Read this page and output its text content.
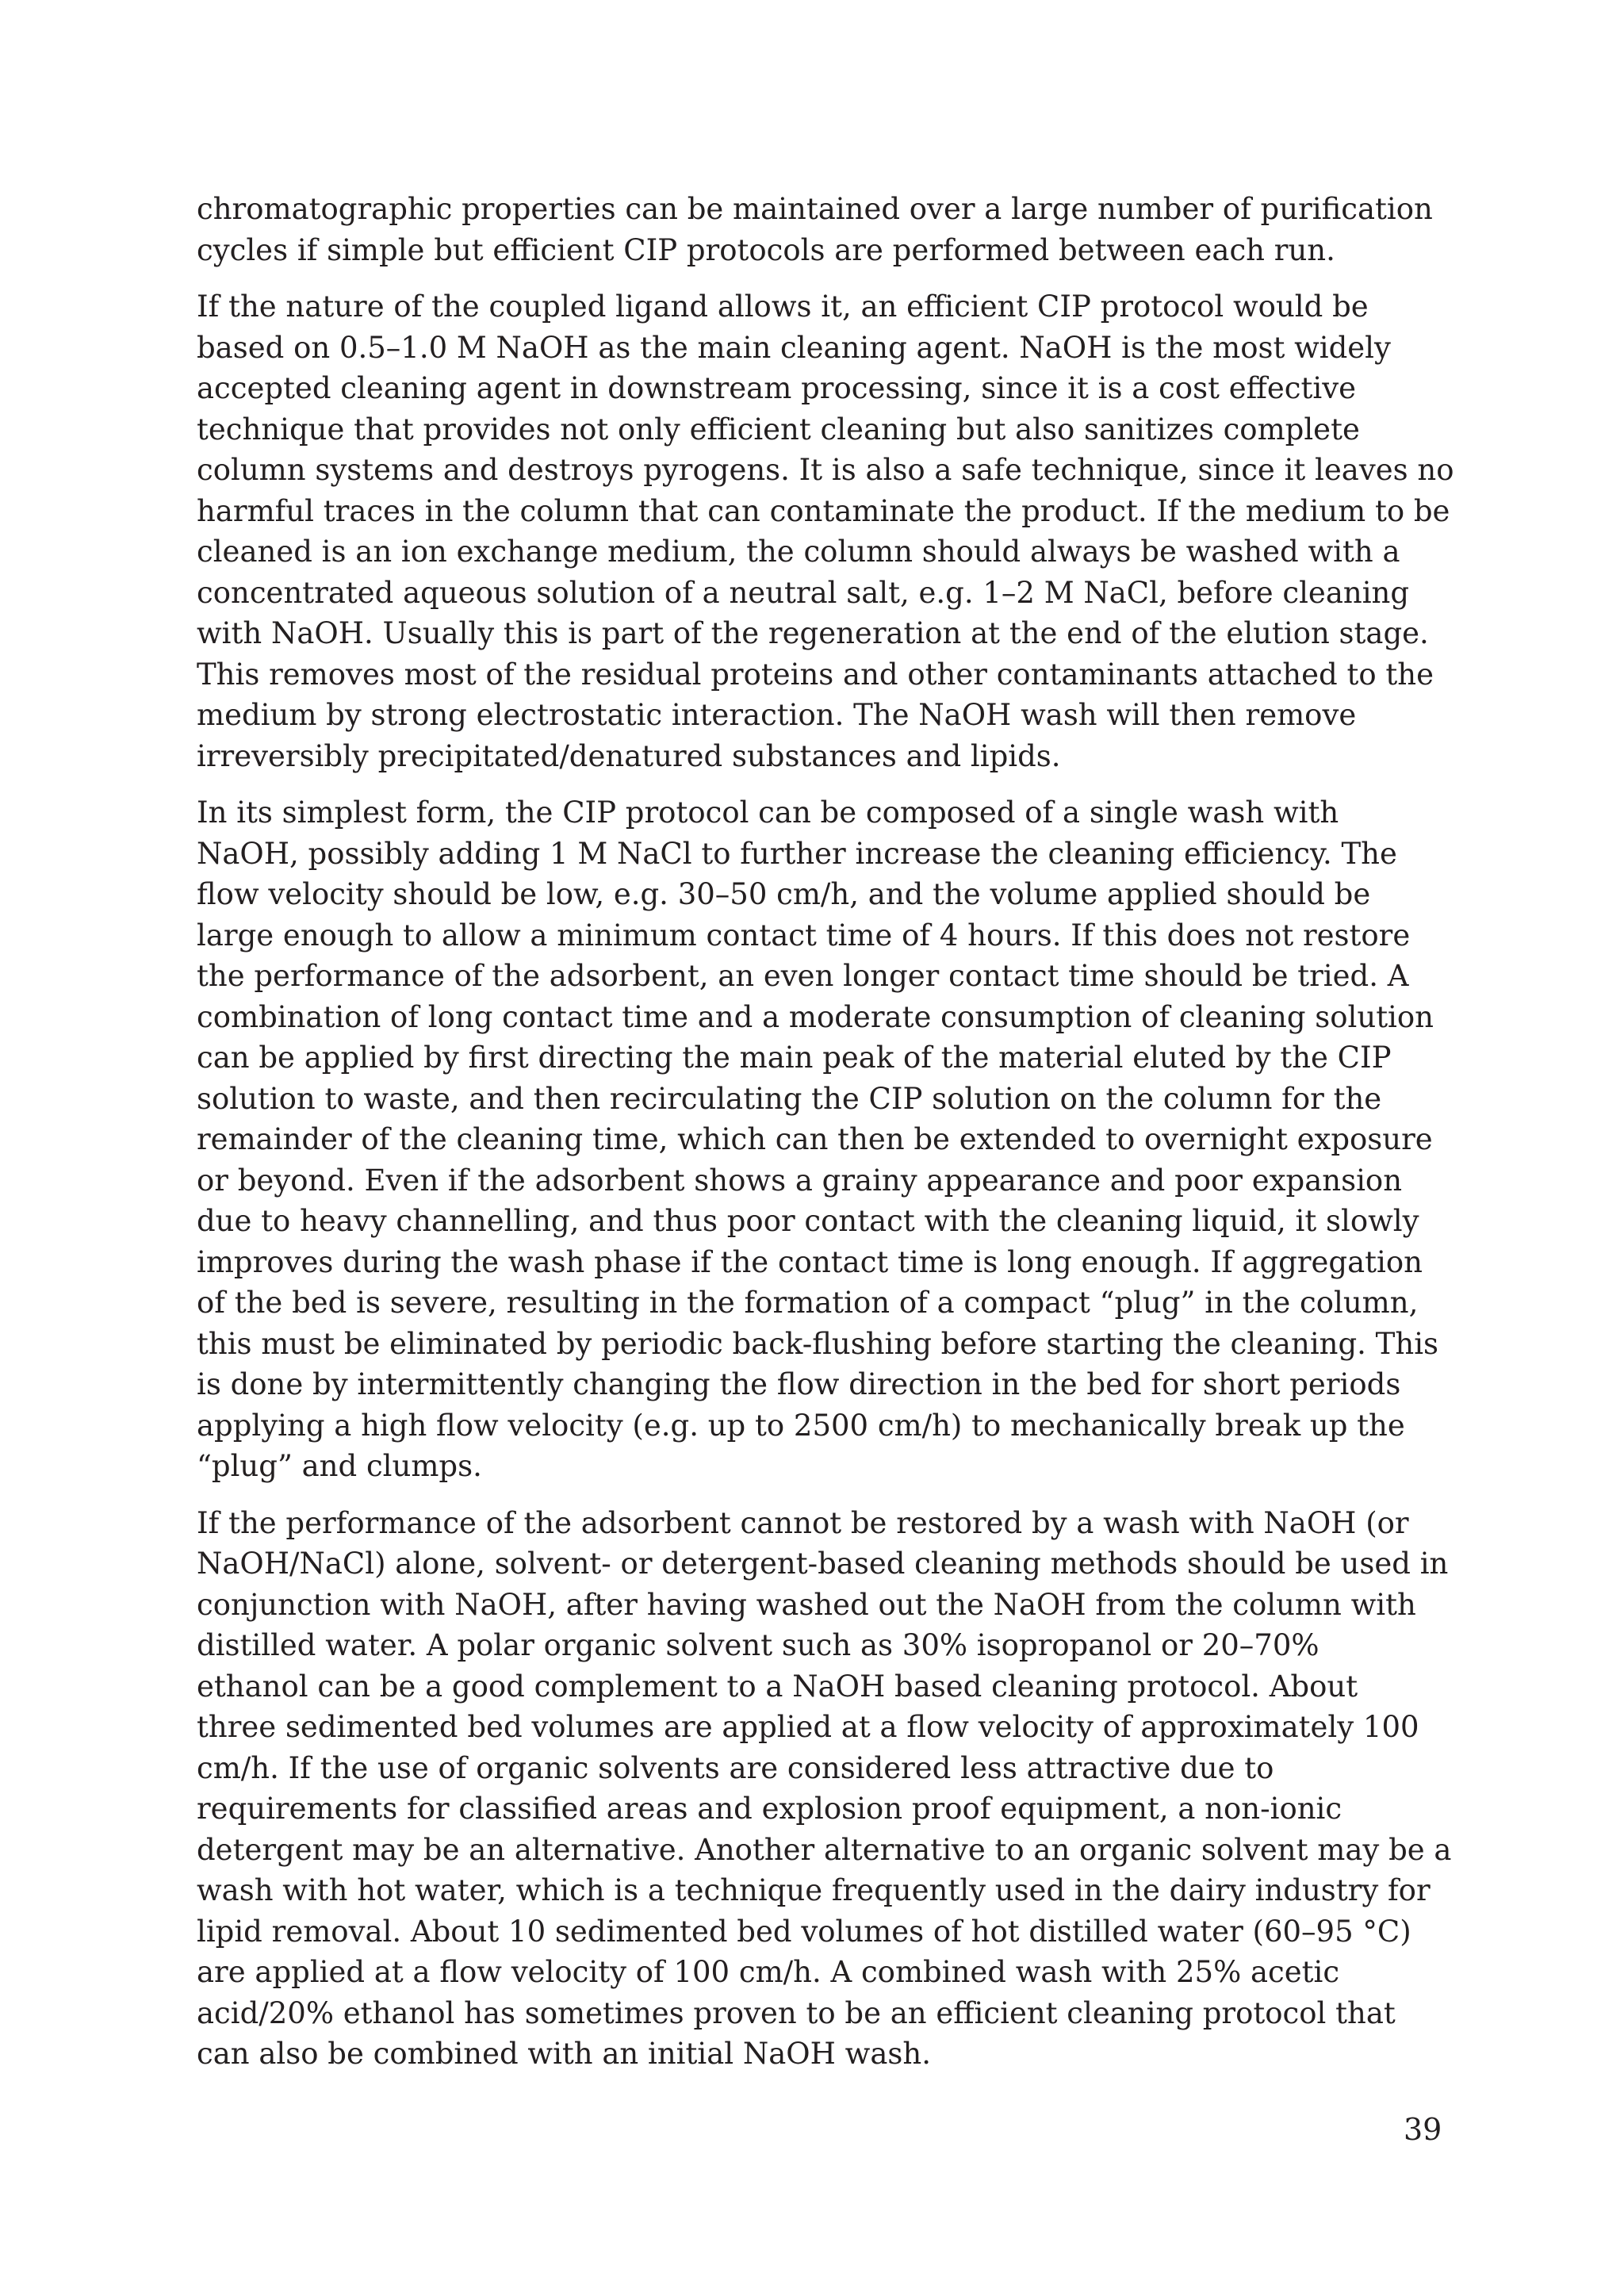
chromatographic properties can be maintained over a large number of purification
cycles if simple but efficient CIP protocols are performed between each run.

If the nature of the coupled ligand allows it, an efficient CIP protocol would be
based on 0.5–1.0 M NaOH as the main cleaning agent. NaOH is the most widely
accepted cleaning agent in downstream processing, since it is a cost effective
technique that provides not only efficient cleaning but also sanitizes complete
column systems and destroys pyrogens. It is also a safe technique, since it leaves no
harmful traces in the column that can contaminate the product. If the medium to be
cleaned is an ion exchange medium, the column should always be washed with a
concentrated aqueous solution of a neutral salt, e.g. 1–2 M NaCl, before cleaning
with NaOH. Usually this is part of the regeneration at the end of the elution stage.
This removes most of the residual proteins and other contaminants attached to the
medium by strong electrostatic interaction. The NaOH wash will then remove
irreversibly precipitated/denatured substances and lipids.

In its simplest form, the CIP protocol can be composed of a single wash with
NaOH, possibly adding 1 M NaCl to further increase the cleaning efficiency. The
flow velocity should be low, e.g. 30–50 cm/h, and the volume applied should be
large enough to allow a minimum contact time of 4 hours. If this does not restore
the performance of the adsorbent, an even longer contact time should be tried. A
combination of long contact time and a moderate consumption of cleaning solution
can be applied by first directing the main peak of the material eluted by the CIP
solution to waste, and then recirculating the CIP solution on the column for the
remainder of the cleaning time, which can then be extended to overnight exposure
or beyond. Even if the adsorbent shows a grainy appearance and poor expansion
due to heavy channelling, and thus poor contact with the cleaning liquid, it slowly
improves during the wash phase if the contact time is long enough. If aggregation
of the bed is severe, resulting in the formation of a compact “plug” in the column,
this must be eliminated by periodic back-flushing before starting the cleaning. This
is done by intermittently changing the flow direction in the bed for short periods
applying a high flow velocity (e.g. up to 2500 cm/h) to mechanically break up the
“plug” and clumps.

If the performance of the adsorbent cannot be restored by a wash with NaOH (or
NaOH/NaCl) alone, solvent- or detergent-based cleaning methods should be used in
conjunction with NaOH, after having washed out the NaOH from the column with
distilled water. A polar organic solvent such as 30% isopropanol or 20–70%
ethanol can be a good complement to a NaOH based cleaning protocol. About
three sedimented bed volumes are applied at a flow velocity of approximately 100
cm/h. If the use of organic solvents are considered less attractive due to
requirements for classified areas and explosion proof equipment, a non-ionic
detergent may be an alternative. Another alternative to an organic solvent may be a
wash with hot water, which is a technique frequently used in the dairy industry for
lipid removal. About 10 sedimented bed volumes of hot distilled water (60–95 °C)
are applied at a flow velocity of 100 cm/h. A combined wash with 25% acetic
acid/20% ethanol has sometimes proven to be an efficient cleaning protocol that
can also be combined with an initial NaOH wash.

39
